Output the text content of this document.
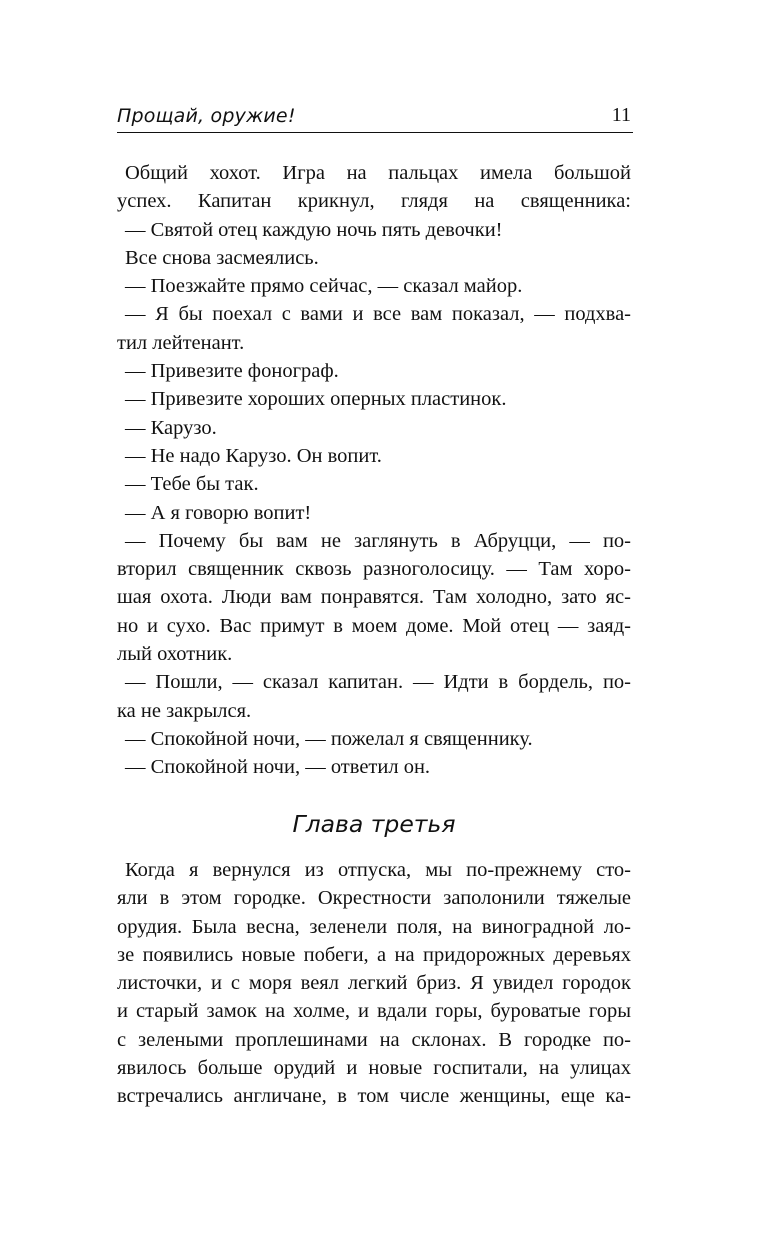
Прощай, оружие!	11
Общий хохот. Игра на пальцах имела большой
успех. Капитан крикнул, глядя на священника:
— Святой отец каждую ночь пять девочки!
Все снова засмеялись.
— Поезжайте прямо сейчас, — сказал майор.
— Я бы поехал с вами и все вам показал, — подхва-
тил лейтенант.
— Привезите фонограф.
— Привезите хороших оперных пластинок.
— Карузо.
— Не надо Карузо. Он вопит.
— Тебе бы так.
— А я говорю вопит!
— Почему бы вам не заглянуть в Абруцци, — по-
вторил священник сквозь разноголосицу. — Там хоро-
шая охота. Люди вам понравятся. Там холодно, зато яс-
но и сухо. Вас примут в моем доме. Мой отец — заяд-
лый охотник.
— Пошли, — сказал капитан. — Идти в бордель, по-
ка не закрылся.
— Спокойной ночи, — пожелал я священнику.
— Спокойной ночи, — ответил он.
Глава третья
Когда я вернулся из отпуска, мы по-прежнему сто-
яли в этом городке. Окрестности заполонили тяжелые
орудия. Была весна, зеленели поля, на виноградной ло-
зе появились новые побеги, а на придорожных деревьях
листочки, и с моря веял легкий бриз. Я увидел городок
и старый замок на холме, и вдали горы, буроватые горы
с зелеными проплешинами на склонах. В городке по-
явилось больше орудий и новые госпитали, на улицах
встречались англичане, в том числе женщины, еще ка-
